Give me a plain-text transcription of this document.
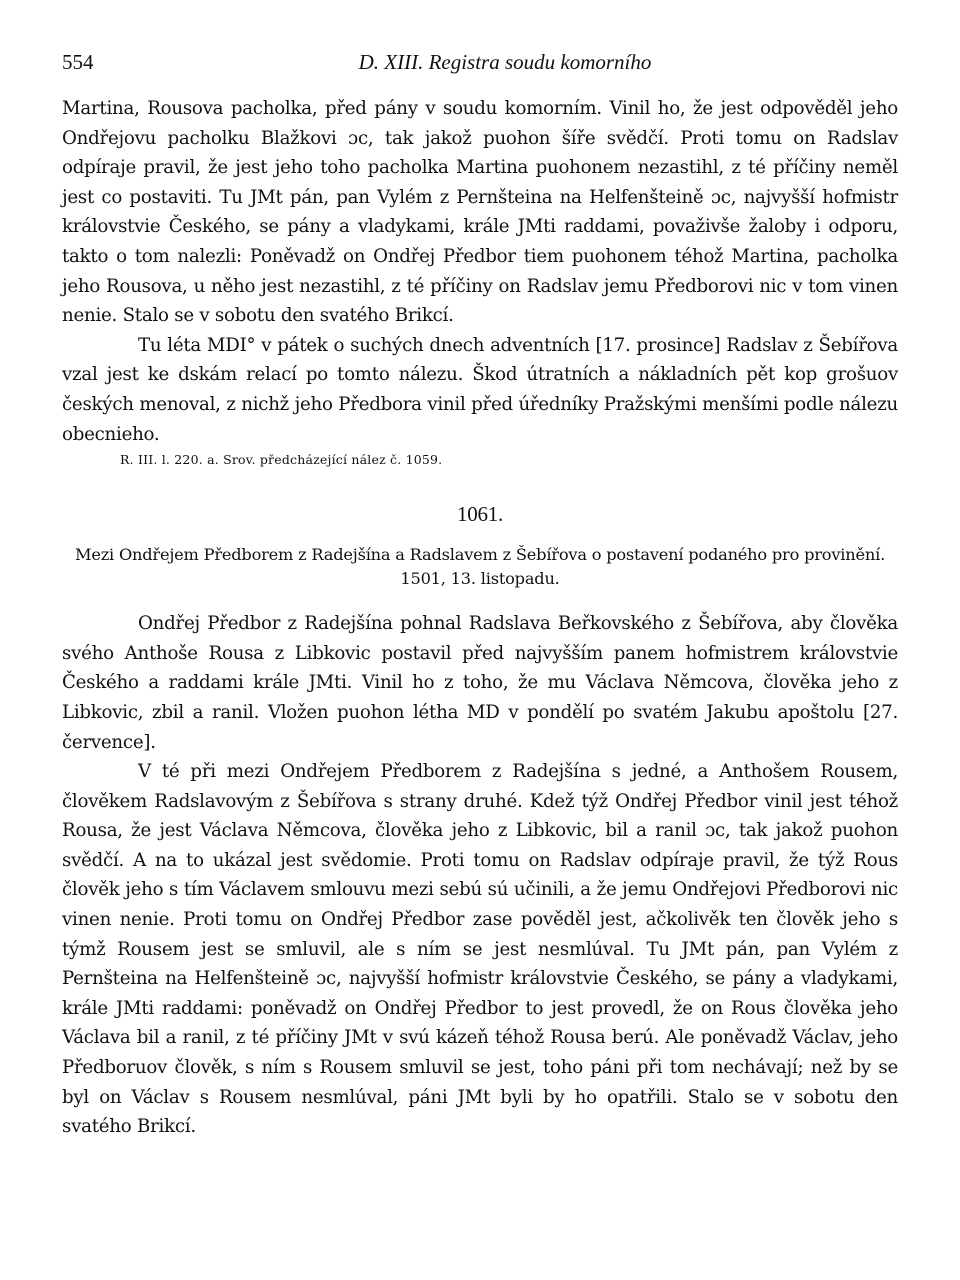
554	D. XIII. Registra soudu komorního

Martina, Rousova pacholka, před pány v soudu komorním. Vinil ho, že jest odpověděl jeho Ondřejovu pacholku Blažkovi ɔc, tak jakož puohon šíře svědčí. Proti tomu on Radslav odpíraje pravil, že jest jeho toho pacholka Martina puohonem nezastihl, z té příčiny neměl jest co postaviti. Tu JMt pán, pan Vylém z Pernšteina na Helfenšteině ɔc, najvyšší hofmistr královstvie Českého, se pány a vladykami, krále JMti raddami, považivše žaloby i odporu, takto o tom nalezli: Poněvadž on Ondřej Předbor tiem puohonem téhož Martina, pacholka jeho Rousova, u něho jest nezastihl, z té příčiny on Radslav jemu Předborovi nic v tom vinen nenie. Stalo se v sobotu den svatého Brikcí.

Tu léta MDI° v pátek o suchých dnech adventních [17. prosince] Radslav z Šebířova vzal jest ke dskám relací po tomto nálezu. Škod útratních a nákladních pět kop grošuov českých menoval, z nichž jeho Předbora vinil před úředníky Pražskými menšími podle nálezu obecnieho.

R. III. l. 220. a. Srov. předcházející nález č. 1059.

1061.

Mezi Ondřejem Předborem z Radejšína a Radslavem z Šebířova o postavení podaného pro provinění. 1501, 13. listopadu.

Ondřej Předbor z Radejšína pohnal Radslava Beřkovského z Šebířova, aby člověka svého Anthoše Rousa z Libkovic postavil před najvyšším panem hofmistrem královstvie Českého a raddami krále JMti. Vinil ho z toho, že mu Václava Němcova, člověka jeho z Libkovic, zbil a ranil. Vložen puohon létha MD v pondělí po svatém Jakubu apoštolu [27. července].

V té při mezi Ondřejem Předborem z Radejšína s jedné, a Anthošem Rousem, člověkem Radslavovým z Šebířova s strany druhé. Kdež týž Ondřej Předbor vinil jest téhož Rousa, že jest Václava Němcova, člověka jeho z Libkovic, bil a ranil ɔc, tak jakož puohon svědčí. A na to ukázal jest svědomie. Proti tomu on Radslav odpíraje pravil, že týž Rous člověk jeho s tím Václavem smlouvu mezi sebú sú učinili, a že jemu Ondřejovi Předborovi nic vinen nenie. Proti tomu on Ondřej Předbor zase pověděl jest, ačkolivěk ten člověk jeho s týmž Rousem jest se smluvil, ale s ním se jest nesmlúval. Tu JMt pán, pan Vylém z Pernšteina na Helfenšteině ɔc, najvyšší hofmistr královstvie Českého, se pány a vladykami, krále JMti raddami: poněvadž on Ondřej Předbor to jest provedl, že on Rous člověka jeho Václava bil a ranil, z té příčiny JMt v svú kázeň téhož Rousa berú. Ale poněvadž Václav, jeho Předboruov člověk, s ním s Rousem smluvil se jest, toho páni při tom nechávají; než by se byl on Václav s Rousem nesmlúval, páni JMt byli by ho opatřili. Stalo se v sobotu den svatého Brikcí.
